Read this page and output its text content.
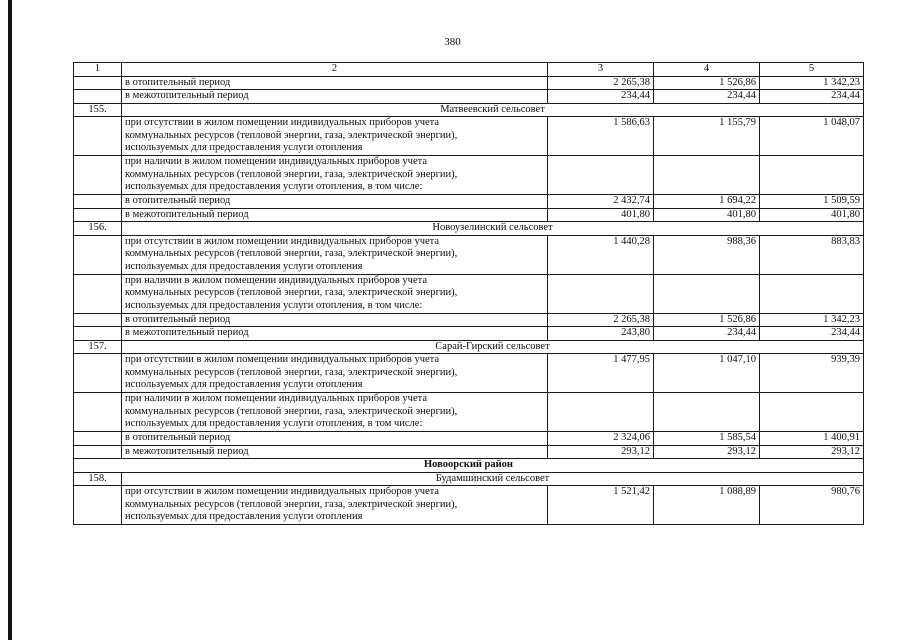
380
1	2	3	4	5
	в отопительный период	2 265,38	1 526,86	1 342,23
	в межотопительный период	234,44	234,44	234,44
155.	Матвеевский сельсовет			

	при отсутствии в жилом помещении индивидуальных приборов учета
коммунальных ресурсов (тепловой энергии, газа, электрической энергии),
используемых для предоставления услуги отопления	1 586,63	1 155,79	1 048,07

	при наличии в жилом помещении индивидуальных приборов учета
коммунальных ресурсов (тепловой энергии, газа, электрической энергии),
используемых для предоставления услуги отопления, в том числе:			

	в отопительный период	2 432,74	1 694,22	1 509,59
	в межотопительный период	401,80	401,80	401,80
156.	Новоузелинский сельсовет			

	при отсутствии в жилом помещении индивидуальных приборов учета
коммунальных ресурсов (тепловой энергии, газа, электрической энергии),
используемых для предоставления услуги отопления	1 440,28	988,36	883,83

	при наличии в жилом помещении индивидуальных приборов учета
коммунальных ресурсов (тепловой энергии, газа, электрической энергии),
используемых для предоставления услуги отопления, в том числе:			

	в отопительный период	2 265,38	1 526,86	1 342,23
	в межотопительный период	243,80	234,44	234,44
157.	Сарай-Гирский сельсовет			

	при отсутствии в жилом помещении индивидуальных приборов учета
коммунальных ресурсов (тепловой энергии, газа, электрической энергии),
используемых для предоставления услуги отопления	1 477,95	1 047,10	939,39

	при наличии в жилом помещении индивидуальных приборов учета
коммунальных ресурсов (тепловой энергии, газа, электрической энергии),
используемых для предоставления услуги отопления, в том числе:			

	в отопительный период	2 324,06	1 585,54	1 400,91
	в межотопительный период	293,12	293,12	293,12
Новоорский район				
158.	Будамшинский сельсовет			

	при отсутствии в жилом помещении индивидуальных приборов учета
коммунальных ресурсов (тепловой энергии, газа, электрической энергии),
используемых для предоставления услуги отопления	1 521,42	1 088,89	980,76
